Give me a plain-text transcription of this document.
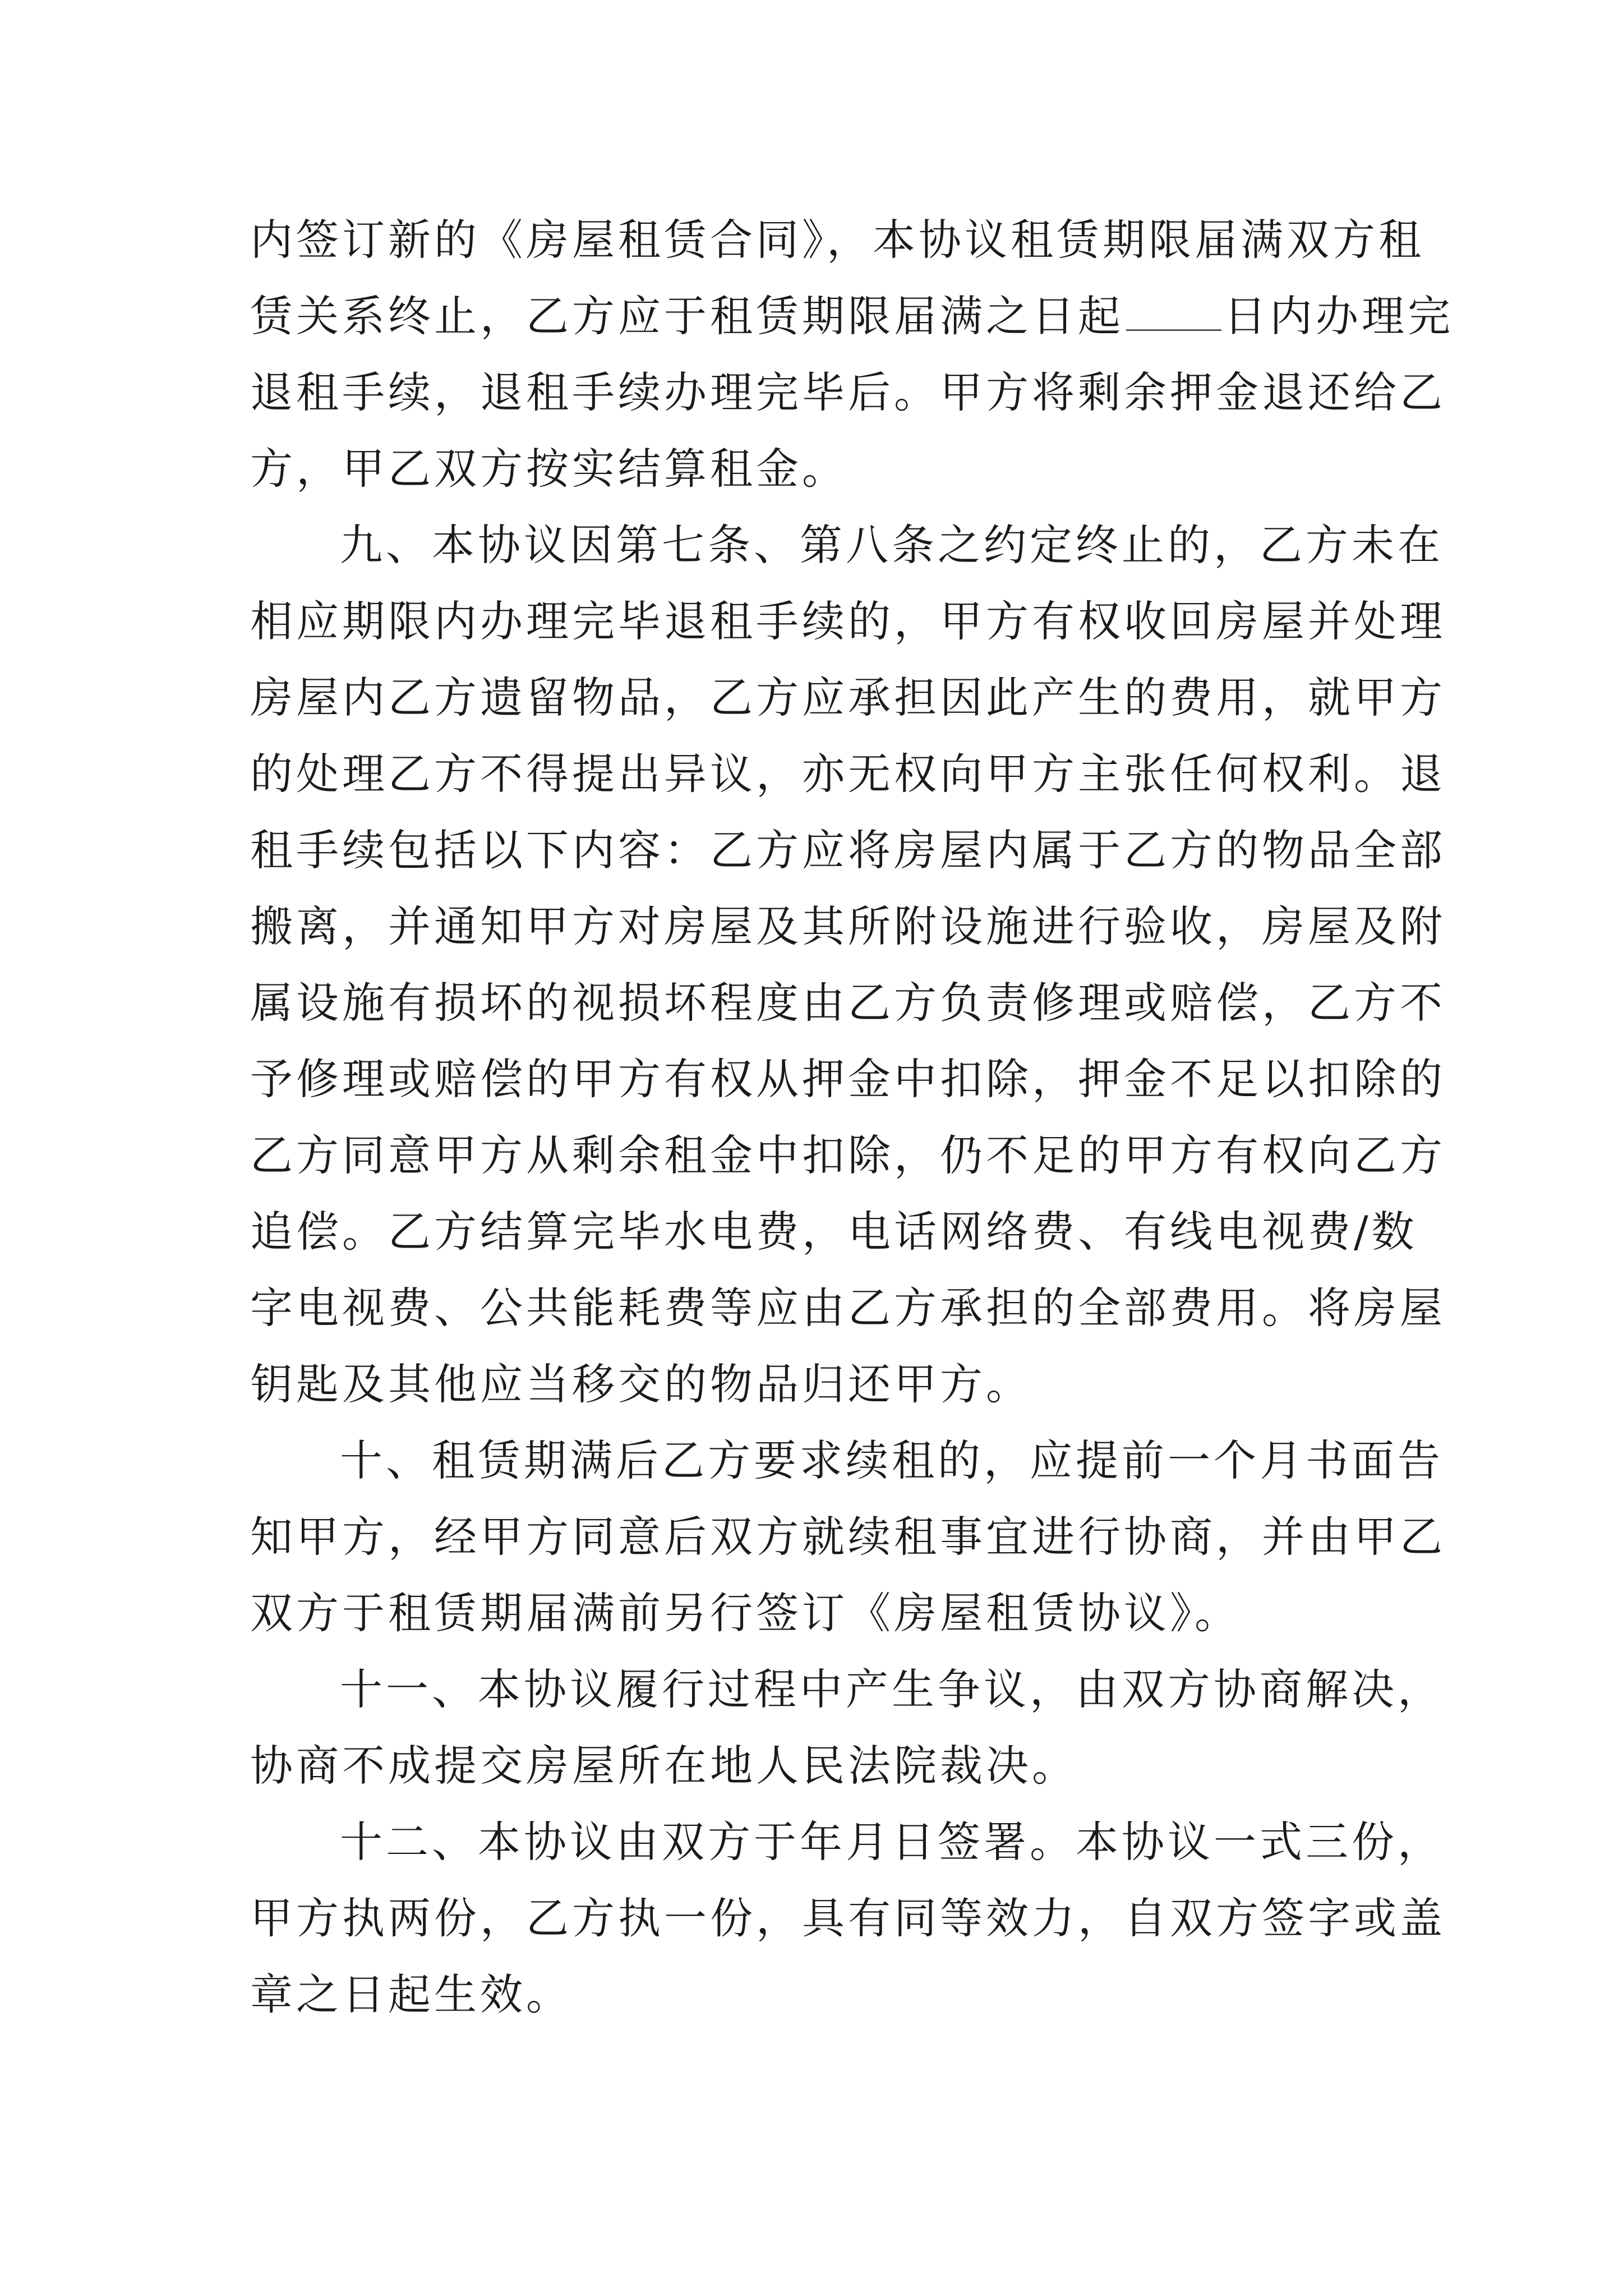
内签订新的《房屋租赁合同》，本协议租赁期限届满双方租
赁关系终止，乙方应于租赁期限届满之日起 日内办理完
退租手续，退租手续办理完毕后。甲方将剩余押金退还给乙
方，甲乙双方按实结算租金。
九、本协议因第七条、第八条之约定终止的，乙方未在
相应期限内办理完毕退租手续的，甲方有权收回房屋并处理
房屋内乙方遗留物品，乙方应承担因此产生的费用，就甲方
的处理乙方不得提出异议，亦无权向甲方主张任何权利。退
租手续包括以下内容：乙方应将房屋内属于乙方的物品全部
搬离，并通知甲方对房屋及其所附设施进行验收，房屋及附
属设施有损坏的视损坏程度由乙方负责修理或赔偿，乙方不
予修理或赔偿的甲方有权从押金中扣除，押金不足以扣除的
乙方同意甲方从剩余租金中扣除，仍不足的甲方有权向乙方
追偿。乙方结算完毕水电费，电话网络费、有线电视费/数
字电视费、公共能耗费等应由乙方承担的全部费用。将房屋
钥匙及其他应当移交的物品归还甲方。
十、租赁期满后乙方要求续租的，应提前一个月书面告
知甲方，经甲方同意后双方就续租事宜进行协商，并由甲乙
双方于租赁期届满前另行签订《房屋租赁协议》。
十一、本协议履行过程中产生争议，由双方协商解决，
协商不成提交房屋所在地人民法院裁决。
十二、本协议由双方于年月日签署。本协议一式三份，
甲方执两份，乙方执一份，具有同等效力，自双方签字或盖
章之日起生效。
